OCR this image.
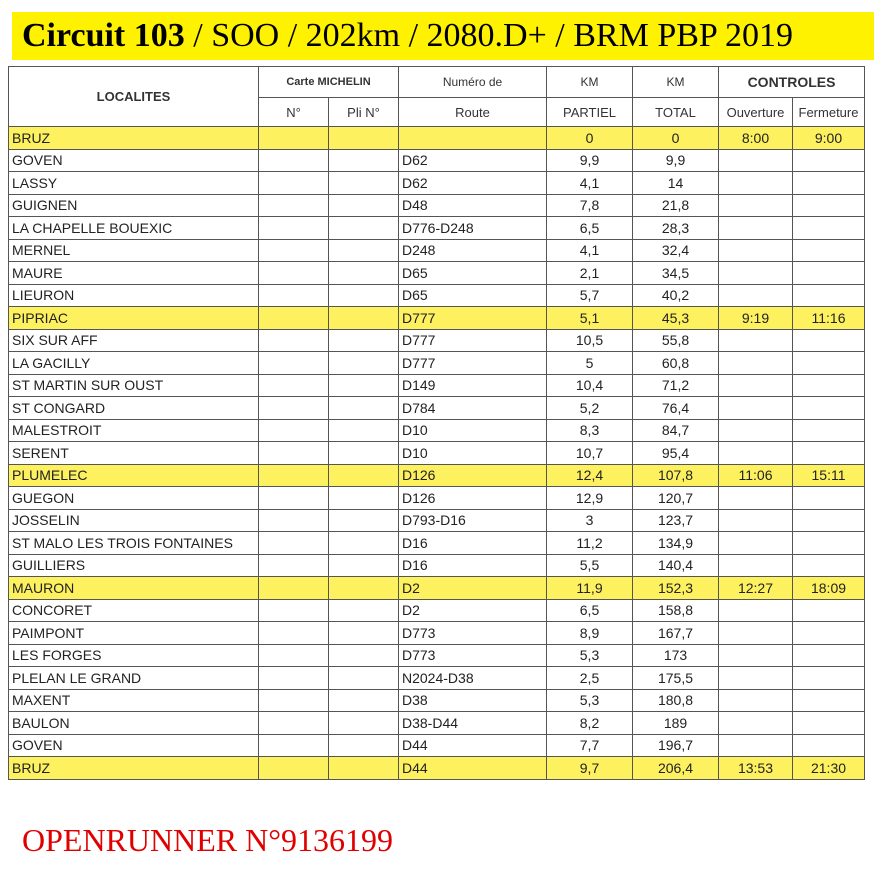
Circuit 103 / SOO / 202km / 2080.D+ / BRM PBP 2019
LOCALITES	Carte MICHELIN		Numéro de	KM	KM	CONTROLES	
	N°	Pli N°	Route	PARTIEL	TOTAL	Ouverture	Fermeture
BRUZ				0	0	8:00	9:00
GOVEN			D62	9,9	9,9		
LASSY			D62	4,1	14		
GUIGNEN			D48	7,8	21,8		
LA CHAPELLE BOUEXIC			D776-D248	6,5	28,3		
MERNEL			D248	4,1	32,4		
MAURE			D65	2,1	34,5		
LIEURON			D65	5,7	40,2		
PIPRIAC			D777	5,1	45,3	9:19	11:16
SIX SUR AFF			D777	10,5	55,8		
LA GACILLY			D777	5	60,8		
ST MARTIN SUR OUST			D149	10,4	71,2		
ST CONGARD			D784	5,2	76,4		
MALESTROIT			D10	8,3	84,7		
SERENT			D10	10,7	95,4		
PLUMELEC			D126	12,4	107,8	11:06	15:11
GUEGON			D126	12,9	120,7		
JOSSELIN			D793-D16	3	123,7		
ST MALO LES TROIS FONTAINES			D16	11,2	134,9		
GUILLIERS			D16	5,5	140,4		
MAURON			D2	11,9	152,3	12:27	18:09
CONCORET			D2	6,5	158,8		
PAIMPONT			D773	8,9	167,7		
LES FORGES			D773	5,3	173		
PLELAN LE GRAND			N2024-D38	2,5	175,5		
MAXENT			D38	5,3	180,8		
BAULON			D38-D44	8,2	189		
GOVEN			D44	7,7	196,7		
BRUZ			D44	9,7	206,4	13:53	21:30
OPENRUNNER N°9136199
